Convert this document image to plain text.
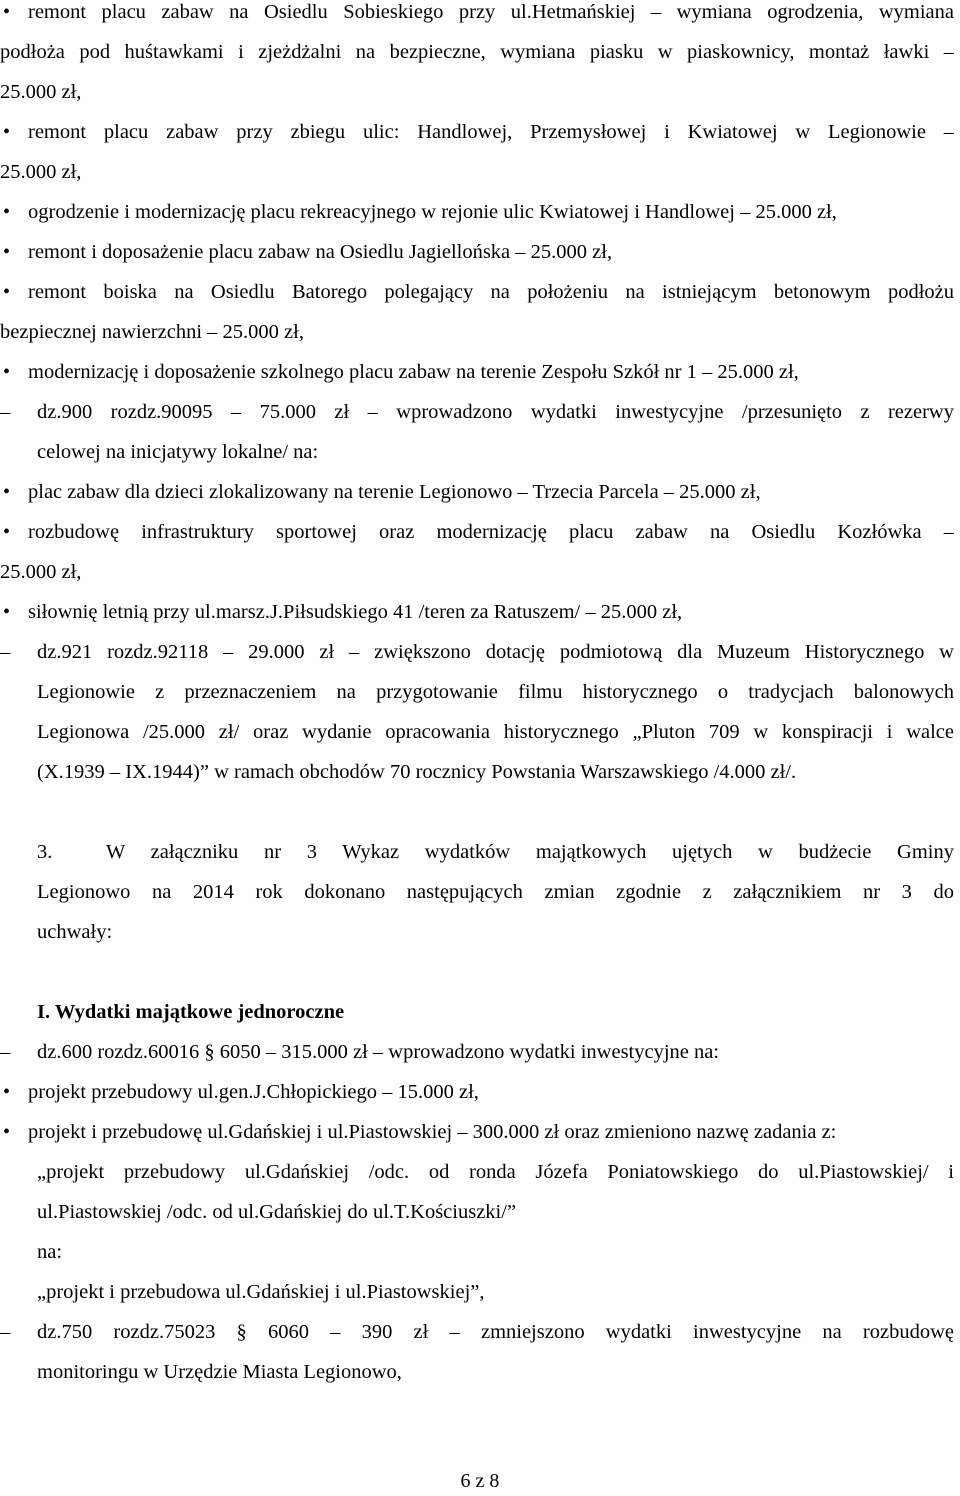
• remont placu zabaw na Osiedlu Sobieskiego przy ul.Hetmańskiej – wymiana ogrodzenia, wymiana
podłoża pod huśtawkami i zjeżdżalni na bezpieczne, wymiana piasku w piaskownicy, montaż ławki –
25.000 zł,
• remont placu zabaw przy zbiegu ulic: Handlowej, Przemysłowej i Kwiatowej w Legionowie –
25.000 zł,
• ogrodzenie i modernizację placu rekreacyjnego w rejonie ulic Kwiatowej i Handlowej – 25.000 zł,
• remont i doposażenie placu zabaw na Osiedlu Jagiellońska – 25.000 zł,
• remont boiska na Osiedlu Batorego polegający na położeniu na istniejącym betonowym podłożu
bezpiecznej nawierzchni – 25.000 zł,
• modernizację i doposażenie szkolnego placu zabaw na terenie Zespołu Szkół nr 1 – 25.000 zł,
– dz.900 rozdz.90095 – 75.000 zł – wprowadzono wydatki inwestycyjne /przesunięto z rezerwy
celowej na inicjatywy lokalne/ na:
• plac zabaw dla dzieci zlokalizowany na terenie Legionowo – Trzecia Parcela – 25.000 zł,
• rozbudowę infrastruktury sportowej oraz modernizację placu zabaw na Osiedlu Kozłówka –
25.000 zł,
• siłownię letnią przy ul.marsz.J.Piłsudskiego 41 /teren za Ratuszem/ – 25.000 zł,
– dz.921 rozdz.92118 – 29.000 zł – zwiększono dotację podmiotową dla Muzeum Historycznego w
Legionowie z przeznaczeniem na przygotowanie filmu historycznego o tradycjach balonowych
Legionowa /25.000 zł/ oraz wydanie opracowania historycznego „Pluton 709 w konspiracji i walce
(X.1939 – IX.1944)” w ramach obchodów 70 rocznicy Powstania Warszawskiego /4.000 zł/.
3.	W załączniku nr 3 Wykaz wydatków majątkowych ujętych w budżecie Gminy
Legionowo na 2014 rok dokonano następujących zmian zgodnie z załącznikiem nr 3 do
uchwały:
I. Wydatki majątkowe jednoroczne
– dz.600 rozdz.60016 § 6050 – 315.000 zł – wprowadzono wydatki inwestycyjne na:
• projekt przebudowy ul.gen.J.Chłopickiego – 15.000 zł,
• projekt i przebudowę ul.Gdańskiej i ul.Piastowskiej – 300.000 zł oraz zmieniono nazwę zadania z:
„projekt przebudowy ul.Gdańskiej /odc. od ronda Józefa Poniatowskiego do ul.Piastowskiej/ i
ul.Piastowskiej /odc. od ul.Gdańskiej do ul.T.Kościuszki/”
na:
„projekt i przebudowa ul.Gdańskiej i ul.Piastowskiej”,
– dz.750 rozdz.75023 § 6060 – 390 zł – zmniejszono wydatki inwestycyjne na rozbudowę
monitoringu w Urzędzie Miasta Legionowo,
6 z 8
